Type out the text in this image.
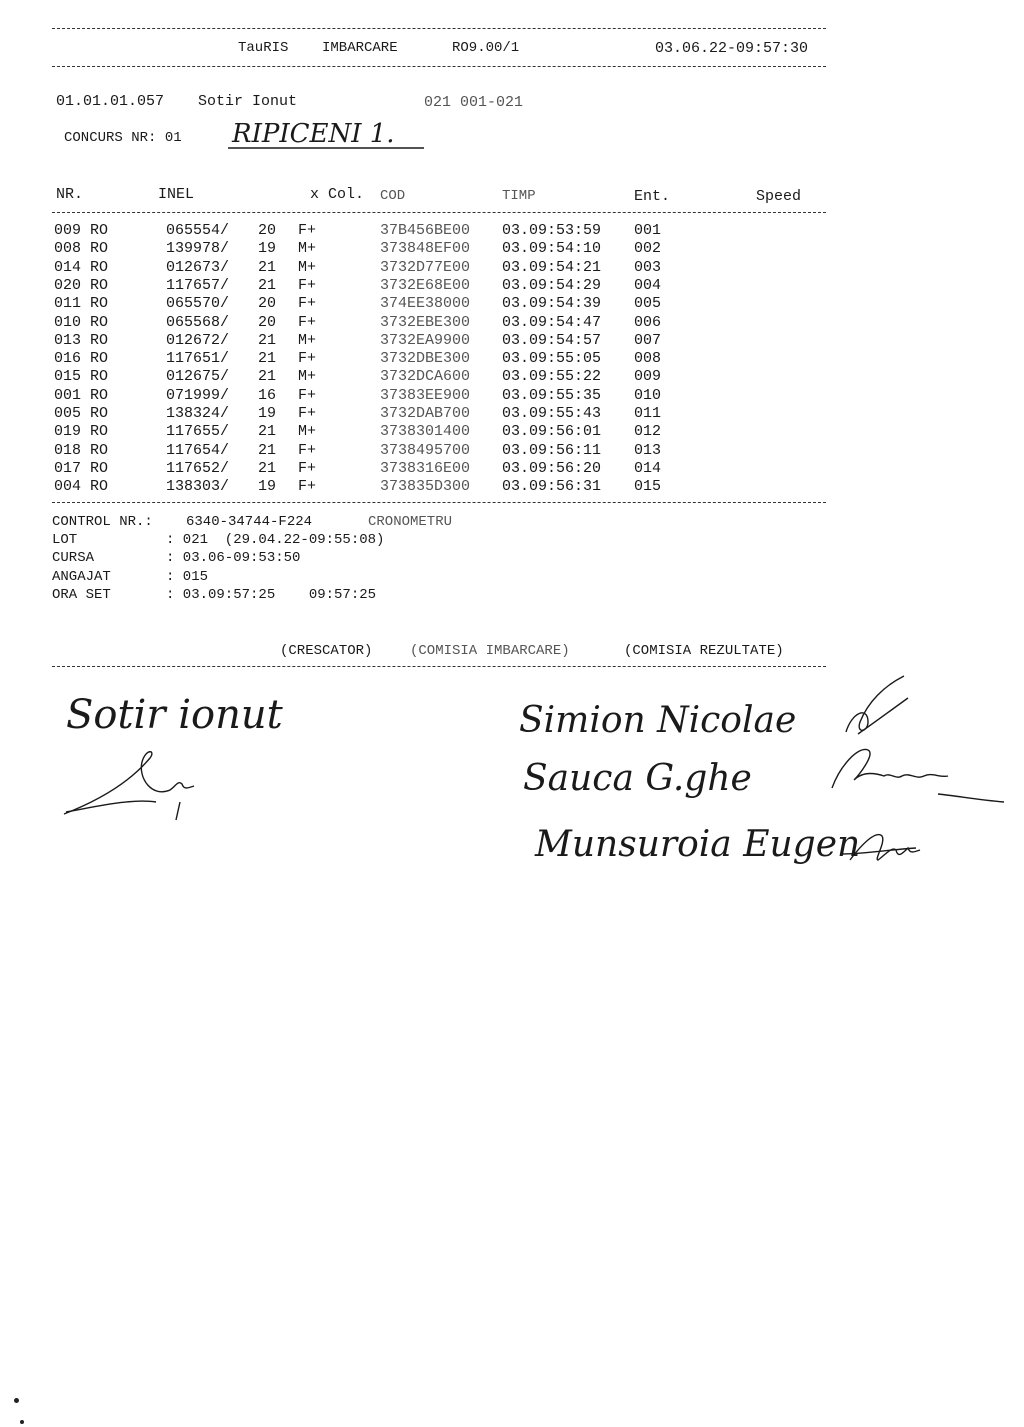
TauRIS IMBARCARE	RO9.00/1	03.06.22-09:57:30
01.01.01.057 Sotir Ionut	021 001-021
CONCURS NR: 01 RIPICENI 1.
NR.	INEL	x Col. COD	TIMP	Ent.	Speed
009 RO	065554/ 20 F+	37B456BE00 03.09:53:59 001
008 RO	139978/ 19 M+	373848EF00 03.09:54:10 002
014 RO	012673/ 21 M+	3732D77E00 03.09:54:21 003
020 RO	117657/ 21 F+	3732E68E00 03.09:54:29 004
011 RO	065570/ 20 F+	374EE38000 03.09:54:39 005
010 RO	065568/ 20 F+	3732EBE300 03.09:54:47 006
013 RO	012672/ 21 M+	3732EA9900 03.09:54:57 007
016 RO	117651/ 21 F+	3732DBE300 03.09:55:05 008
015 RO	012675/ 21 M+	3732DCA600 03.09:55:22 009
001 RO	071999/ 16 F+	37383EE900 03.09:55:35 010
005 RO	138324/ 19 F+	3732DAB700 03.09:55:43 011
019 RO	117655/ 21 M+	3738301400 03.09:56:01 012
018 RO	117654/ 21 F+	3738495700 03.09:56:11 013
017 RO	117652/ 21 F+	3738316E00 03.09:56:20 014
004 RO	138303/ 19 F+	373835D300 03.09:56:31 015
CONTROL NR.: 6340-34744-F224	CRONOMETRU
LOT	: 021  (29.04.22-09:55:08)
CURSA	: 03.06-09:53:50
ANGAJAT	: 015
ORA SET	: 03.09:57:25    09:57:25
(CRESCATOR)	(COMISIA IMBARCARE)	(COMISIA REZULTATE)
Sotir ionut	Simion Nicolae
Sauca G.ghe
Munsuroia Eugen
